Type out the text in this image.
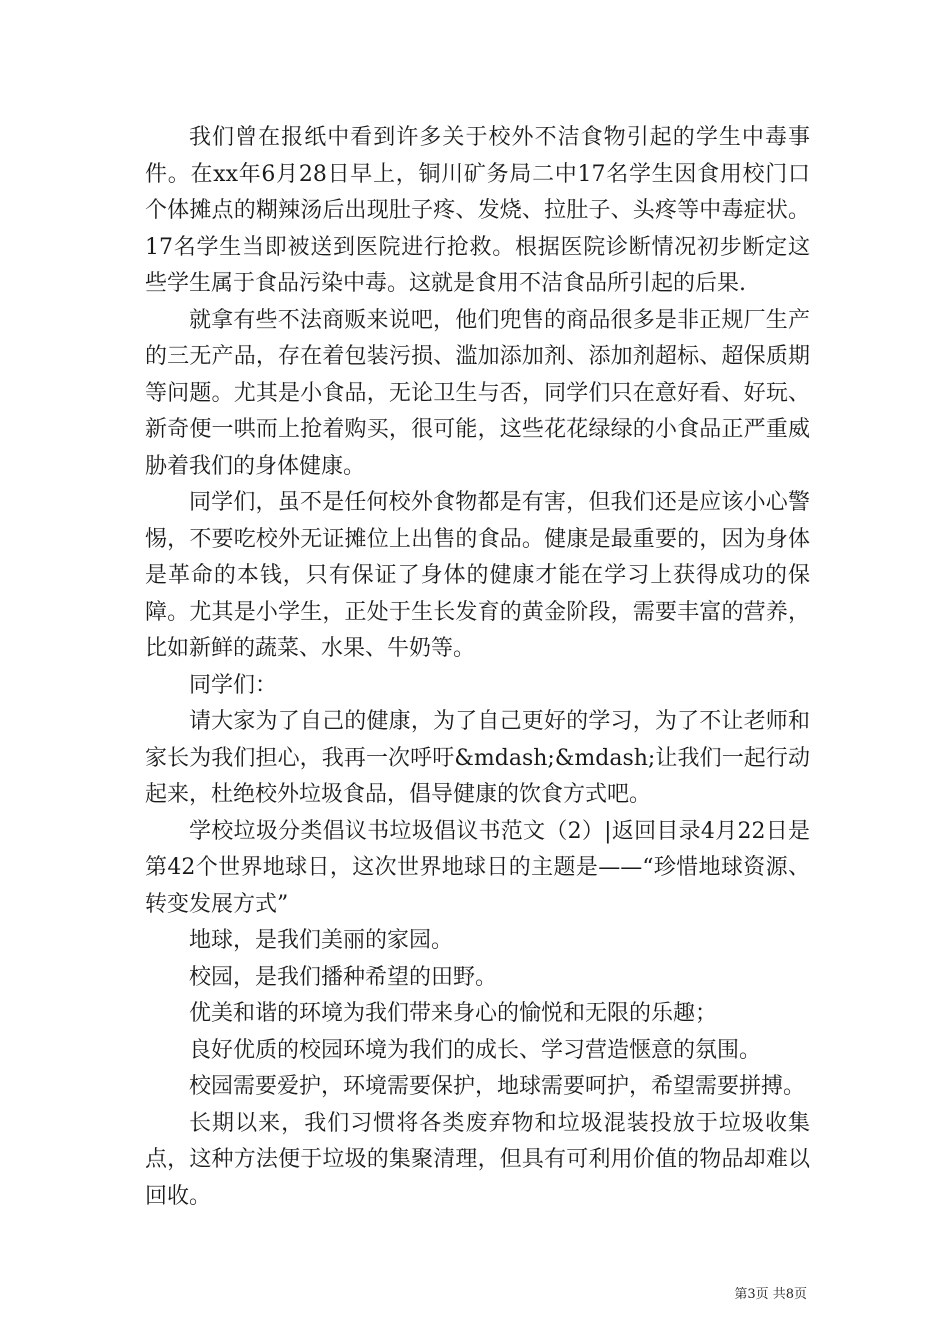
我们曾在报纸中看到许多关于校外不洁食物引起的学生中毒事件。在xx年6月28日早上，铜川矿务局二中17名学生因食用校门口个体摊点的糊辣汤后出现肚子疼、发烧、拉肚子、头疼等中毒症状。17名学生当即被送到医院进行抢救。根据医院诊断情况初步断定这些学生属于食品污染中毒。这就是食用不洁食品所引起的后果.

就拿有些不法商贩来说吧，他们兜售的商品很多是非正规厂生产的三无产品，存在着包装污损、滥加添加剂、添加剂超标、超保质期等问题。尤其是小食品，无论卫生与否，同学们只在意好看、好玩、新奇便一哄而上抢着购买，很可能，这些花花绿绿的小食品正严重威胁着我们的身体健康。

同学们，虽不是任何校外食物都是有害，但我们还是应该小心警惕，不要吃校外无证摊位上出售的食品。健康是最重要的，因为身体是革命的本钱，只有保证了身体的健康才能在学习上获得成功的保障。尤其是小学生，正处于生长发育的黄金阶段，需要丰富的营养，比如新鲜的蔬菜、水果、牛奶等。

同学们：

请大家为了自己的健康，为了自己更好的学习，为了不让老师和家长为我们担心，我再一次呼吁&mdash;&mdash;让我们一起行动起来，杜绝校外垃圾食品，倡导健康的饮食方式吧。

学校垃圾分类倡议书垃圾倡议书范文（2）|返回目录4月22日是第42个世界地球日，这次世界地球日的主题是——“珍惜地球资源、转变发展方式”

地球，是我们美丽的家园。

校园，是我们播种希望的田野。

优美和谐的环境为我们带来身心的愉悦和无限的乐趣；

良好优质的校园环境为我们的成长、学习营造惬意的氛围。

校园需要爱护，环境需要保护，地球需要呵护，希望需要拼搏。

长期以来，我们习惯将各类废弃物和垃圾混装投放于垃圾收集点，这种方法便于垃圾的集聚清理，但具有可利用价值的物品却难以回收。

第3页 共8页
